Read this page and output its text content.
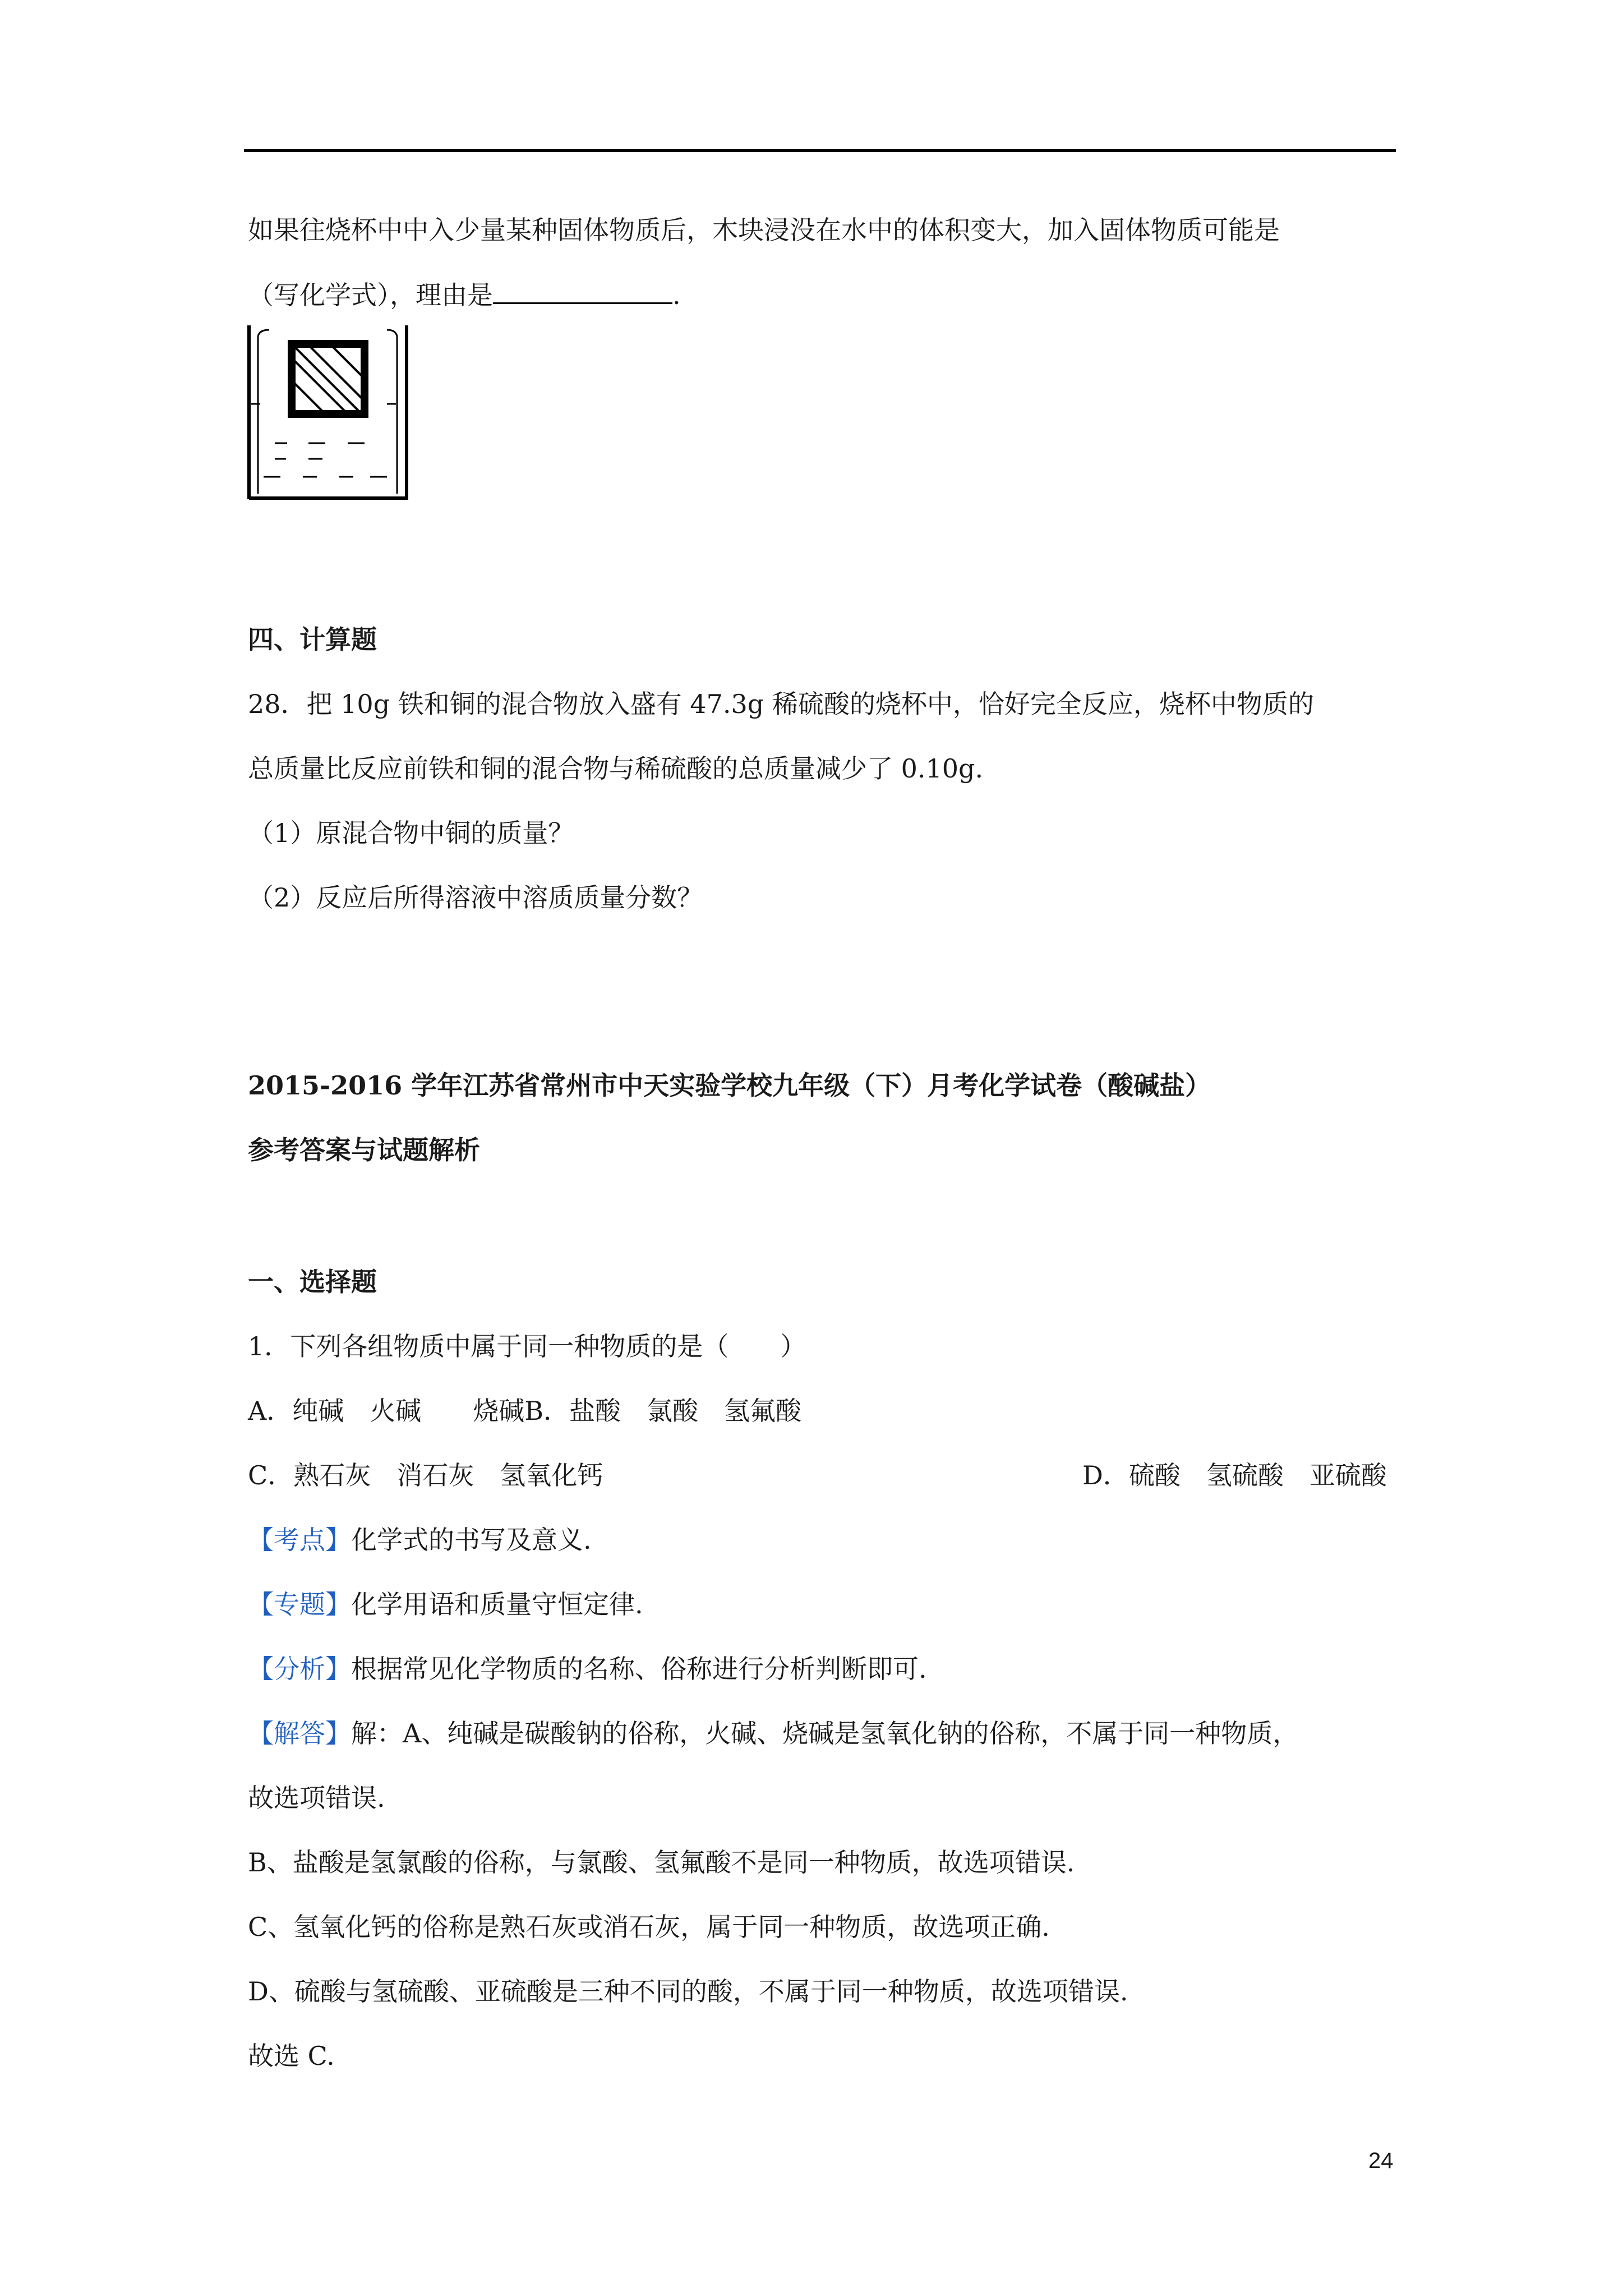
如果往烧杯中中入少量某种固体物质后，木块浸没在水中的体积变大，加入固体物质可能是
（写化学式），理由是	.
四、计算题
28．把 10g 铁和铜的混合物放入盛有 47.3g 稀硫酸的烧杯中，恰好完全反应，烧杯中物质的
总质量比反应前铁和铜的混合物与稀硫酸的总质量减少了 0.10g.
（1）原混合物中铜的质量？
（2）反应后所得溶液中溶质质量分数？
2015-2016 学年江苏省常州市中天实验学校九年级（下）月考化学试卷（酸碱盐）
参考答案与试题解析
一、选择题
1．下列各组物质中属于同一种物质的是（　　）
A．纯碱　火碱　　烧碱B．盐酸　氯酸　氢氟酸
C．熟石灰　消石灰　氢氧化钙	D．硫酸　氢硫酸　亚硫酸
【考点】化学式的书写及意义.
【专题】化学用语和质量守恒定律.
【分析】根据常见化学物质的名称、俗称进行分析判断即可.
【解答】解：A、纯碱是碳酸钠的俗称，火碱、烧碱是氢氧化钠的俗称，不属于同一种物质，
故选项错误.
B、盐酸是氢氯酸的俗称，与氯酸、氢氟酸不是同一种物质，故选项错误.
C、氢氧化钙的俗称是熟石灰或消石灰，属于同一种物质，故选项正确.
D、硫酸与氢硫酸、亚硫酸是三种不同的酸，不属于同一种物质，故选项错误.
故选 C.
24
